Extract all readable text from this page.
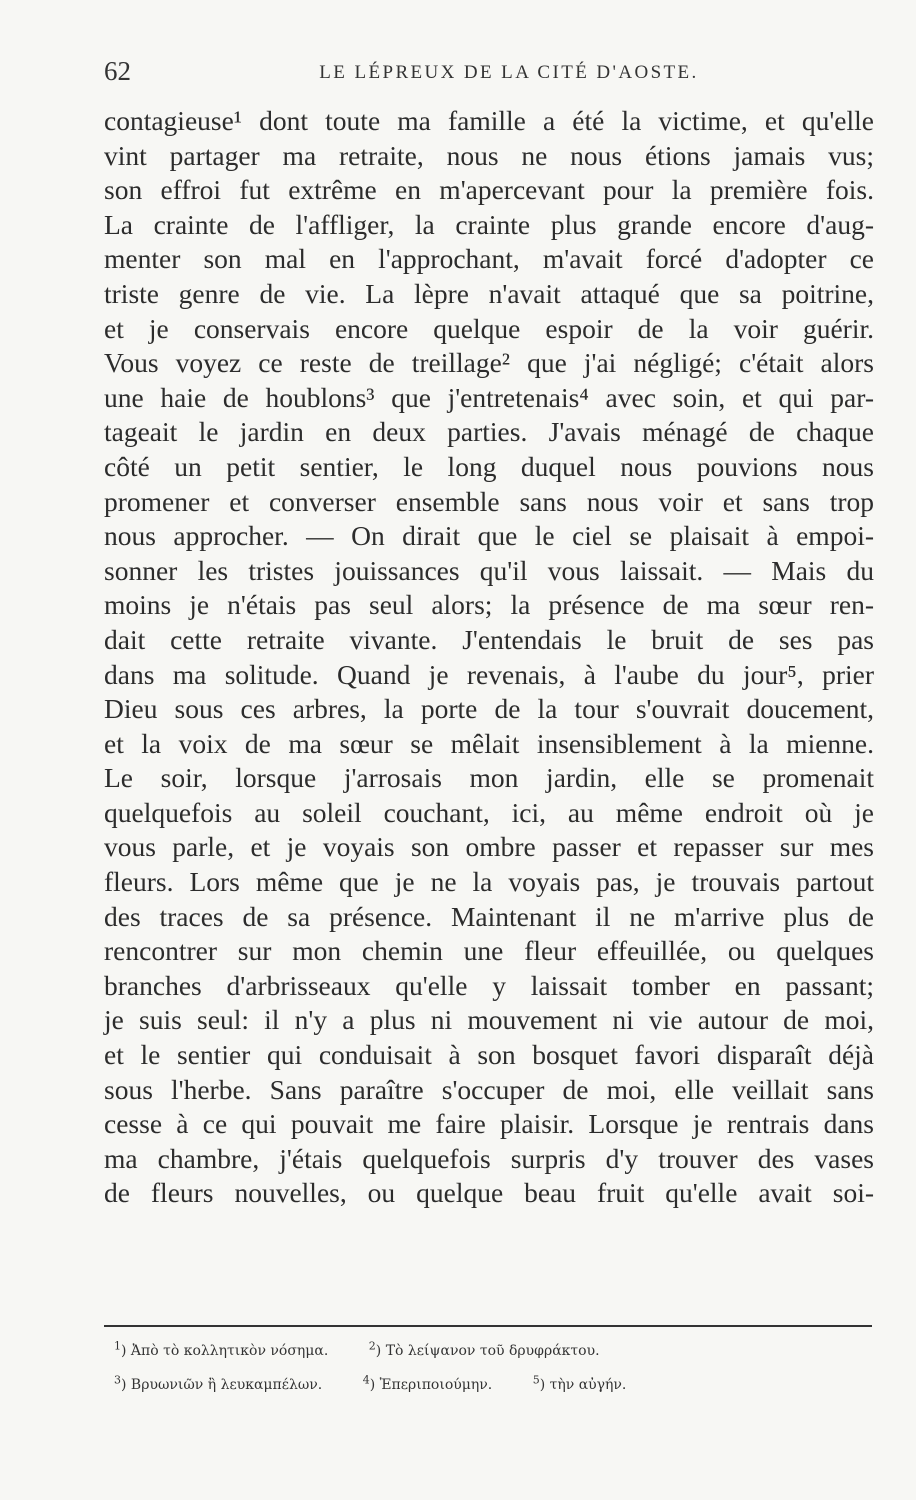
62	LE LÉPREUX DE LA CITÉ D'AOSTE.
contagieuse¹ dont toute ma famille a été la victime, et qu'elle
vint partager ma retraite, nous ne nous étions jamais vus;
son effroi fut extrême en m'apercevant pour la première fois.
La crainte de l'affliger, la crainte plus grande encore d'aug-
menter son mal en l'approchant, m'avait forcé d'adopter ce
triste genre de vie. La lèpre n'avait attaqué que sa poitrine,
et je conservais encore quelque espoir de la voir guérir.
Vous voyez ce reste de treillage² que j'ai négligé; c'était alors
une haie de houblons³ que j'entretenais⁴ avec soin, et qui par-
tageait le jardin en deux parties. J'avais ménagé de chaque
côté un petit sentier, le long duquel nous pouvions nous
promener et converser ensemble sans nous voir et sans trop
nous approcher. — On dirait que le ciel se plaisait à empoi-
sonner les tristes jouissances qu'il vous laissait. — Mais du
moins je n'étais pas seul alors; la présence de ma sœur ren-
dait cette retraite vivante. J'entendais le bruit de ses pas
dans ma solitude. Quand je revenais, à l'aube du jour⁵, prier
Dieu sous ces arbres, la porte de la tour s'ouvrait doucement,
et la voix de ma sœur se mêlait insensiblement à la mienne.
Le soir, lorsque j'arrosais mon jardin, elle se promenait
quelquefois au soleil couchant, ici, au même endroit où je
vous parle, et je voyais son ombre passer et repasser sur mes
fleurs. Lors même que je ne la voyais pas, je trouvais partout
des traces de sa présence. Maintenant il ne m'arrive plus de
rencontrer sur mon chemin une fleur effeuillée, ou quelques
branches d'arbrisseaux qu'elle y laissait tomber en passant;
je suis seul: il n'y a plus ni mouvement ni vie autour de moi,
et le sentier qui conduisait à son bosquet favori disparaît déjà
sous l'herbe. Sans paraître s'occuper de moi, elle veillait sans
cesse à ce qui pouvait me faire plaisir. Lorsque je rentrais dans
ma chambre, j'étais quelquefois surpris d'y trouver des vases
de fleurs nouvelles, ou quelque beau fruit qu'elle avait soi-
$^1$) Ἀπὸ τὸ κολλητικὸν νόσημα.	$^2$) Τὸ λείψανον τοῦ δρυφράκτου.
$^3$) Βρυωνιῶν ἢ λευκαμπέλων.	$^4$) Ἐπεριποιούμην.	$^5$) τὴν αὐγήν.
